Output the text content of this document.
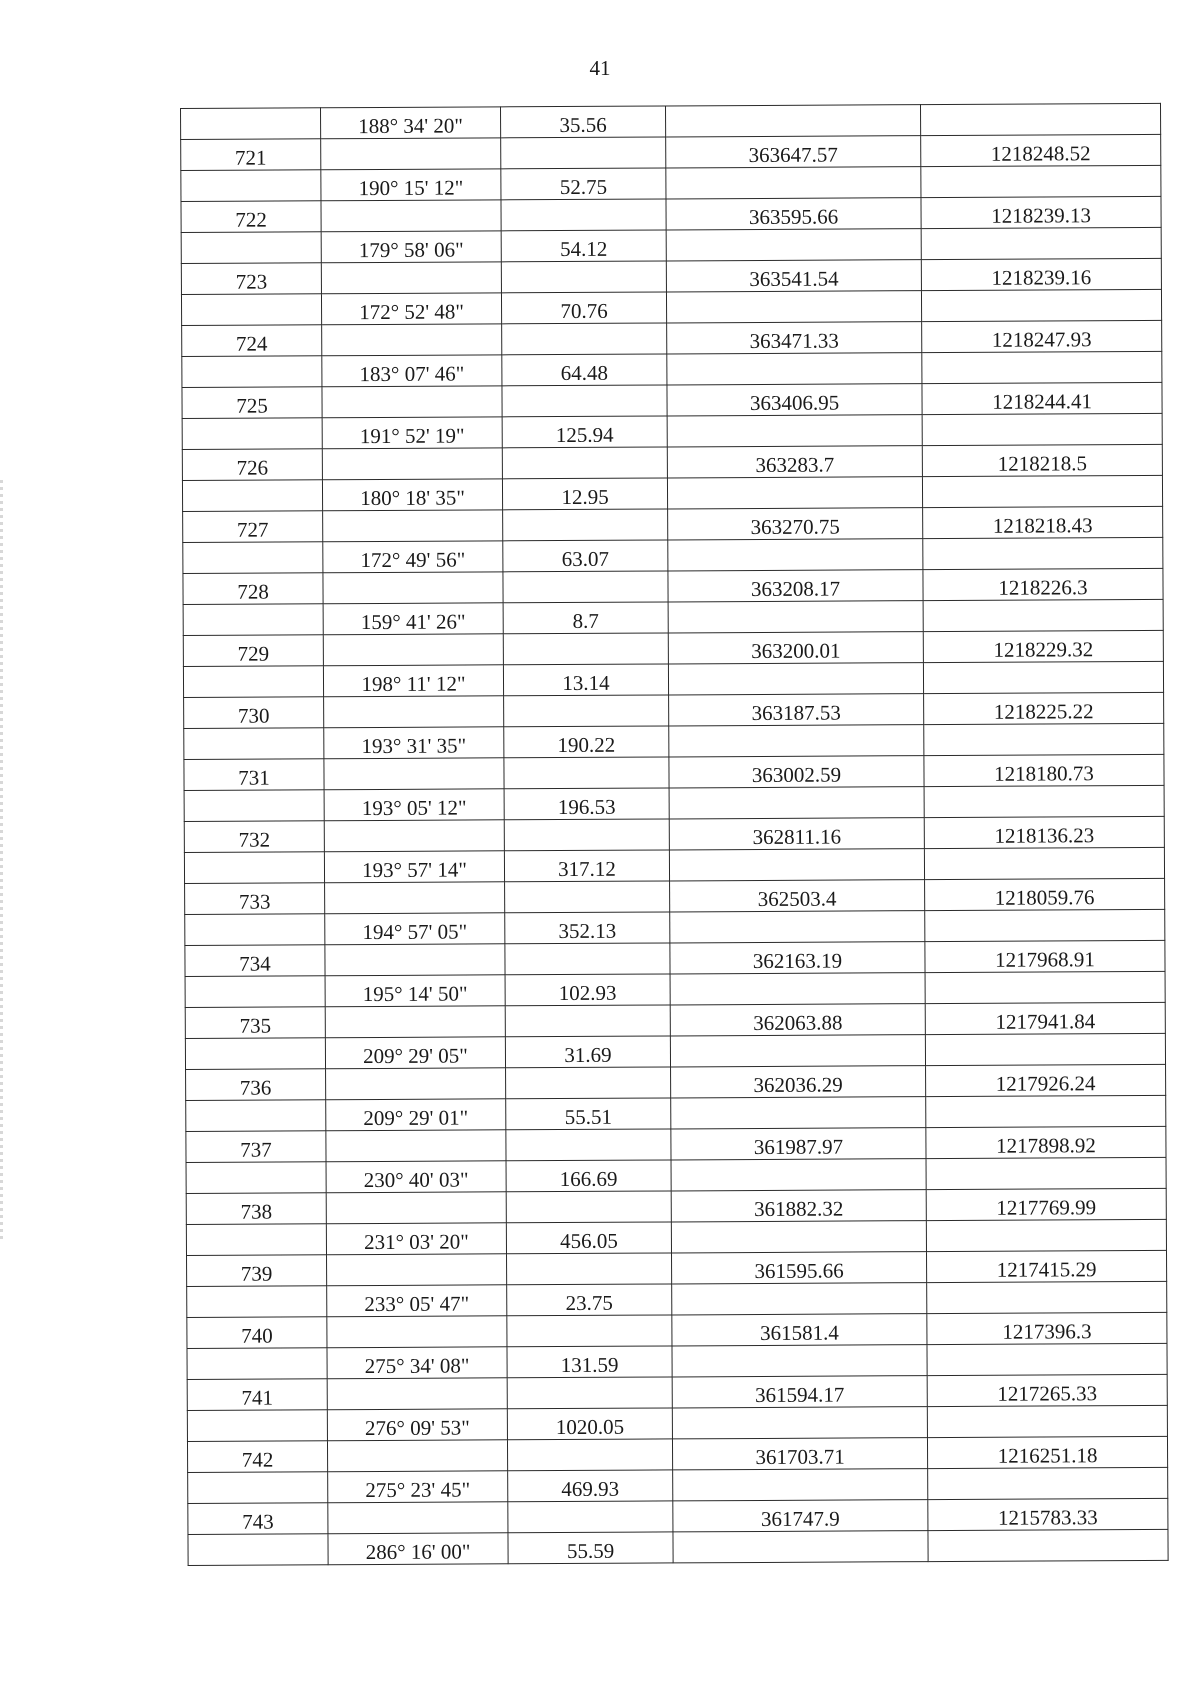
41
	188° 34' 20"	35.56		
721			363647.57	1218248.52
	190° 15' 12"	52.75		
722			363595.66	1218239.13
	179° 58' 06"	54.12		
723			363541.54	1218239.16
	172° 52' 48"	70.76		
724			363471.33	1218247.93
	183° 07' 46"	64.48		
725			363406.95	1218244.41
	191° 52' 19"	125.94		
726			363283.7	1218218.5
	180° 18' 35"	12.95		
727			363270.75	1218218.43
	172° 49' 56"	63.07		
728			363208.17	1218226.3
	159° 41' 26"	8.7		
729			363200.01	1218229.32
	198° 11' 12"	13.14		
730			363187.53	1218225.22
	193° 31' 35"	190.22		
731			363002.59	1218180.73
	193° 05' 12"	196.53		
732			362811.16	1218136.23
	193° 57' 14"	317.12		
733			362503.4	1218059.76
	194° 57' 05"	352.13		
734			362163.19	1217968.91
	195° 14' 50"	102.93		
735			362063.88	1217941.84
	209° 29' 05"	31.69		
736			362036.29	1217926.24
	209° 29' 01"	55.51		
737			361987.97	1217898.92
	230° 40' 03"	166.69		
738			361882.32	1217769.99
	231° 03' 20"	456.05		
739			361595.66	1217415.29
	233° 05' 47"	23.75		
740			361581.4	1217396.3
	275° 34' 08"	131.59		
741			361594.17	1217265.33
	276° 09' 53"	1020.05		
742			361703.71	1216251.18
	275° 23' 45"	469.93		
743			361747.9	1215783.33
	286° 16' 00"	55.59		
